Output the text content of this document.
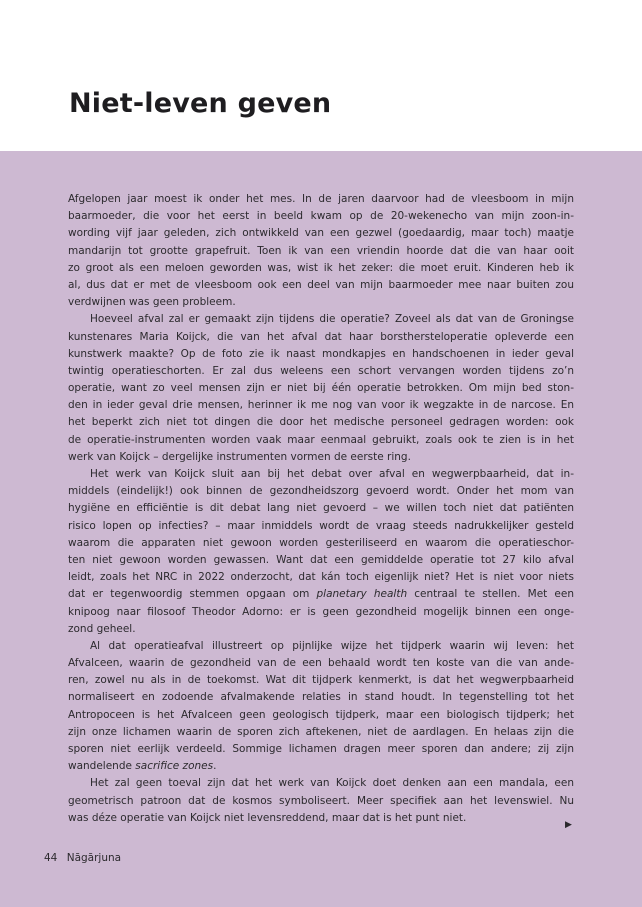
Niet-leven geven
Afgelopen jaar moest ik onder het mes. In de jaren daarvoor had de vleesboom in mijn
baarmoeder, die voor het eerst in beeld kwam op de 20-wekenecho van mijn zoon-in-
wording vijf jaar geleden, zich ontwikkeld van een gezwel (goedaardig, maar toch) maatje
mandarijn tot grootte grapefruit. Toen ik van een vriendin hoorde dat die van haar ooit
zo groot als een meloen geworden was, wist ik het zeker: die moet eruit. Kinderen heb ik
al, dus dat er met de vleesboom ook een deel van mijn baarmoeder mee naar buiten zou
verdwijnen was geen probleem.
Hoeveel afval zal er gemaakt zijn tijdens die operatie? Zoveel als dat van de Groningse
kunstenares Maria Koijck, die van het afval dat haar borsthersteloperatie opleverde een
kunstwerk maakte? Op de foto zie ik naast mondkapjes en handschoenen in ieder geval
twintig operatieschorten. Er zal dus weleens een schort vervangen worden tijdens zo’n
operatie, want zo veel mensen zijn er niet bij één operatie betrokken. Om mijn bed ston-
den in ieder geval drie mensen, herinner ik me nog van voor ik wegzakte in de narcose. En
het beperkt zich niet tot dingen die door het medische personeel gedragen worden: ook
de operatie-instrumenten worden vaak maar eenmaal gebruikt, zoals ook te zien is in het
werk van Koijck – dergelijke instrumenten vormen de eerste ring.
Het werk van Koijck sluit aan bij het debat over afval en wegwerpbaarheid, dat in-
middels (eindelijk!) ook binnen de gezondheidszorg gevoerd wordt. Onder het mom van
hygiëne en efficiëntie is dit debat lang niet gevoerd – we willen toch niet dat patiënten
risico lopen op infecties? – maar inmiddels wordt de vraag steeds nadrukkelijker gesteld
waarom die apparaten niet gewoon worden gesteriliseerd en waarom die operatieschor-
ten niet gewoon worden gewassen. Want dat een gemiddelde operatie tot 27 kilo afval
leidt, zoals het NRC in 2022 onderzocht, dat kán toch eigenlijk niet? Het is niet voor niets
dat er tegenwoordig stemmen opgaan om planetary health centraal te stellen. Met een
knipoog naar filosoof Theodor Adorno: er is geen gezondheid mogelijk binnen een onge-
zond geheel.
Al dat operatieafval illustreert op pijnlijke wijze het tijdperk waarin wij leven: het
Afvalceen, waarin de gezondheid van de een behaald wordt ten koste van die van ande-
ren, zowel nu als in de toekomst. Wat dit tijdperk kenmerkt, is dat het wegwerpbaarheid
normaliseert en zodoende afvalmakende relaties in stand houdt. In tegenstelling tot het
Antropoceen is het Afvalceen geen geologisch tijdperk, maar een biologisch tijdperk; het
zijn onze lichamen waarin de sporen zich aftekenen, niet de aardlagen. En helaas zijn die
sporen niet eerlijk verdeeld. Sommige lichamen dragen meer sporen dan andere; zij zijn
wandelende sacrifice zones.
Het zal geen toeval zijn dat het werk van Koijck doet denken aan een mandala, een
geometrisch patroon dat de kosmos symboliseert. Meer specifiek aan het levenswiel. Nu
was déze operatie van Koijck niet levensreddend, maar dat is het punt niet.
▶
44 Nāgārjuna
